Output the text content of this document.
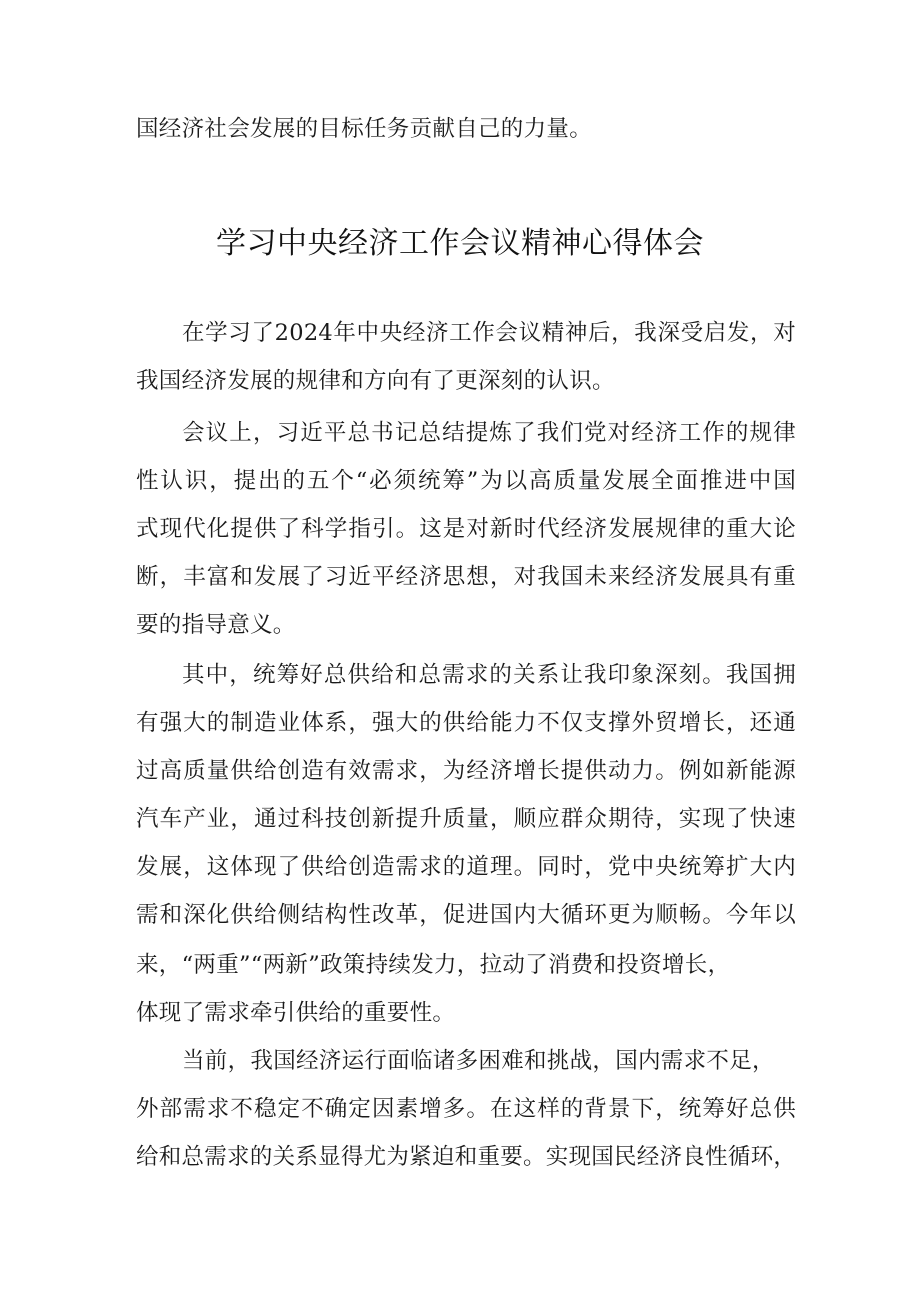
国经济社会发展的目标任务贡献自己的力量。
学习中央经济工作会议精神心得体会
在学习了2024年中央经济工作会议精神后，我深受启发，对
我国经济发展的规律和方向有了更深刻的认识。
会议上，习近平总书记总结提炼了我们党对经济工作的规律
性认识，提出的五个“必须统筹”为以高质量发展全面推进中国
式现代化提供了科学指引。这是对新时代经济发展规律的重大论
断，丰富和发展了习近平经济思想，对我国未来经济发展具有重
要的指导意义。
其中，统筹好总供给和总需求的关系让我印象深刻。我国拥
有强大的制造业体系，强大的供给能力不仅支撑外贸增长，还通
过高质量供给创造有效需求，为经济增长提供动力。例如新能源
汽车产业，通过科技创新提升质量，顺应群众期待，实现了快速
发展，这体现了供给创造需求的道理。同时，党中央统筹扩大内
需和深化供给侧结构性改革，促进国内大循环更为顺畅。今年以
来，“两重”“两新”政策持续发力，拉动了消费和投资增长，
体现了需求牵引供给的重要性。
当前，我国经济运行面临诸多困难和挑战，国内需求不足，
外部需求不稳定不确定因素增多。在这样的背景下，统筹好总供
给和总需求的关系显得尤为紧迫和重要。实现国民经济良性循环，
